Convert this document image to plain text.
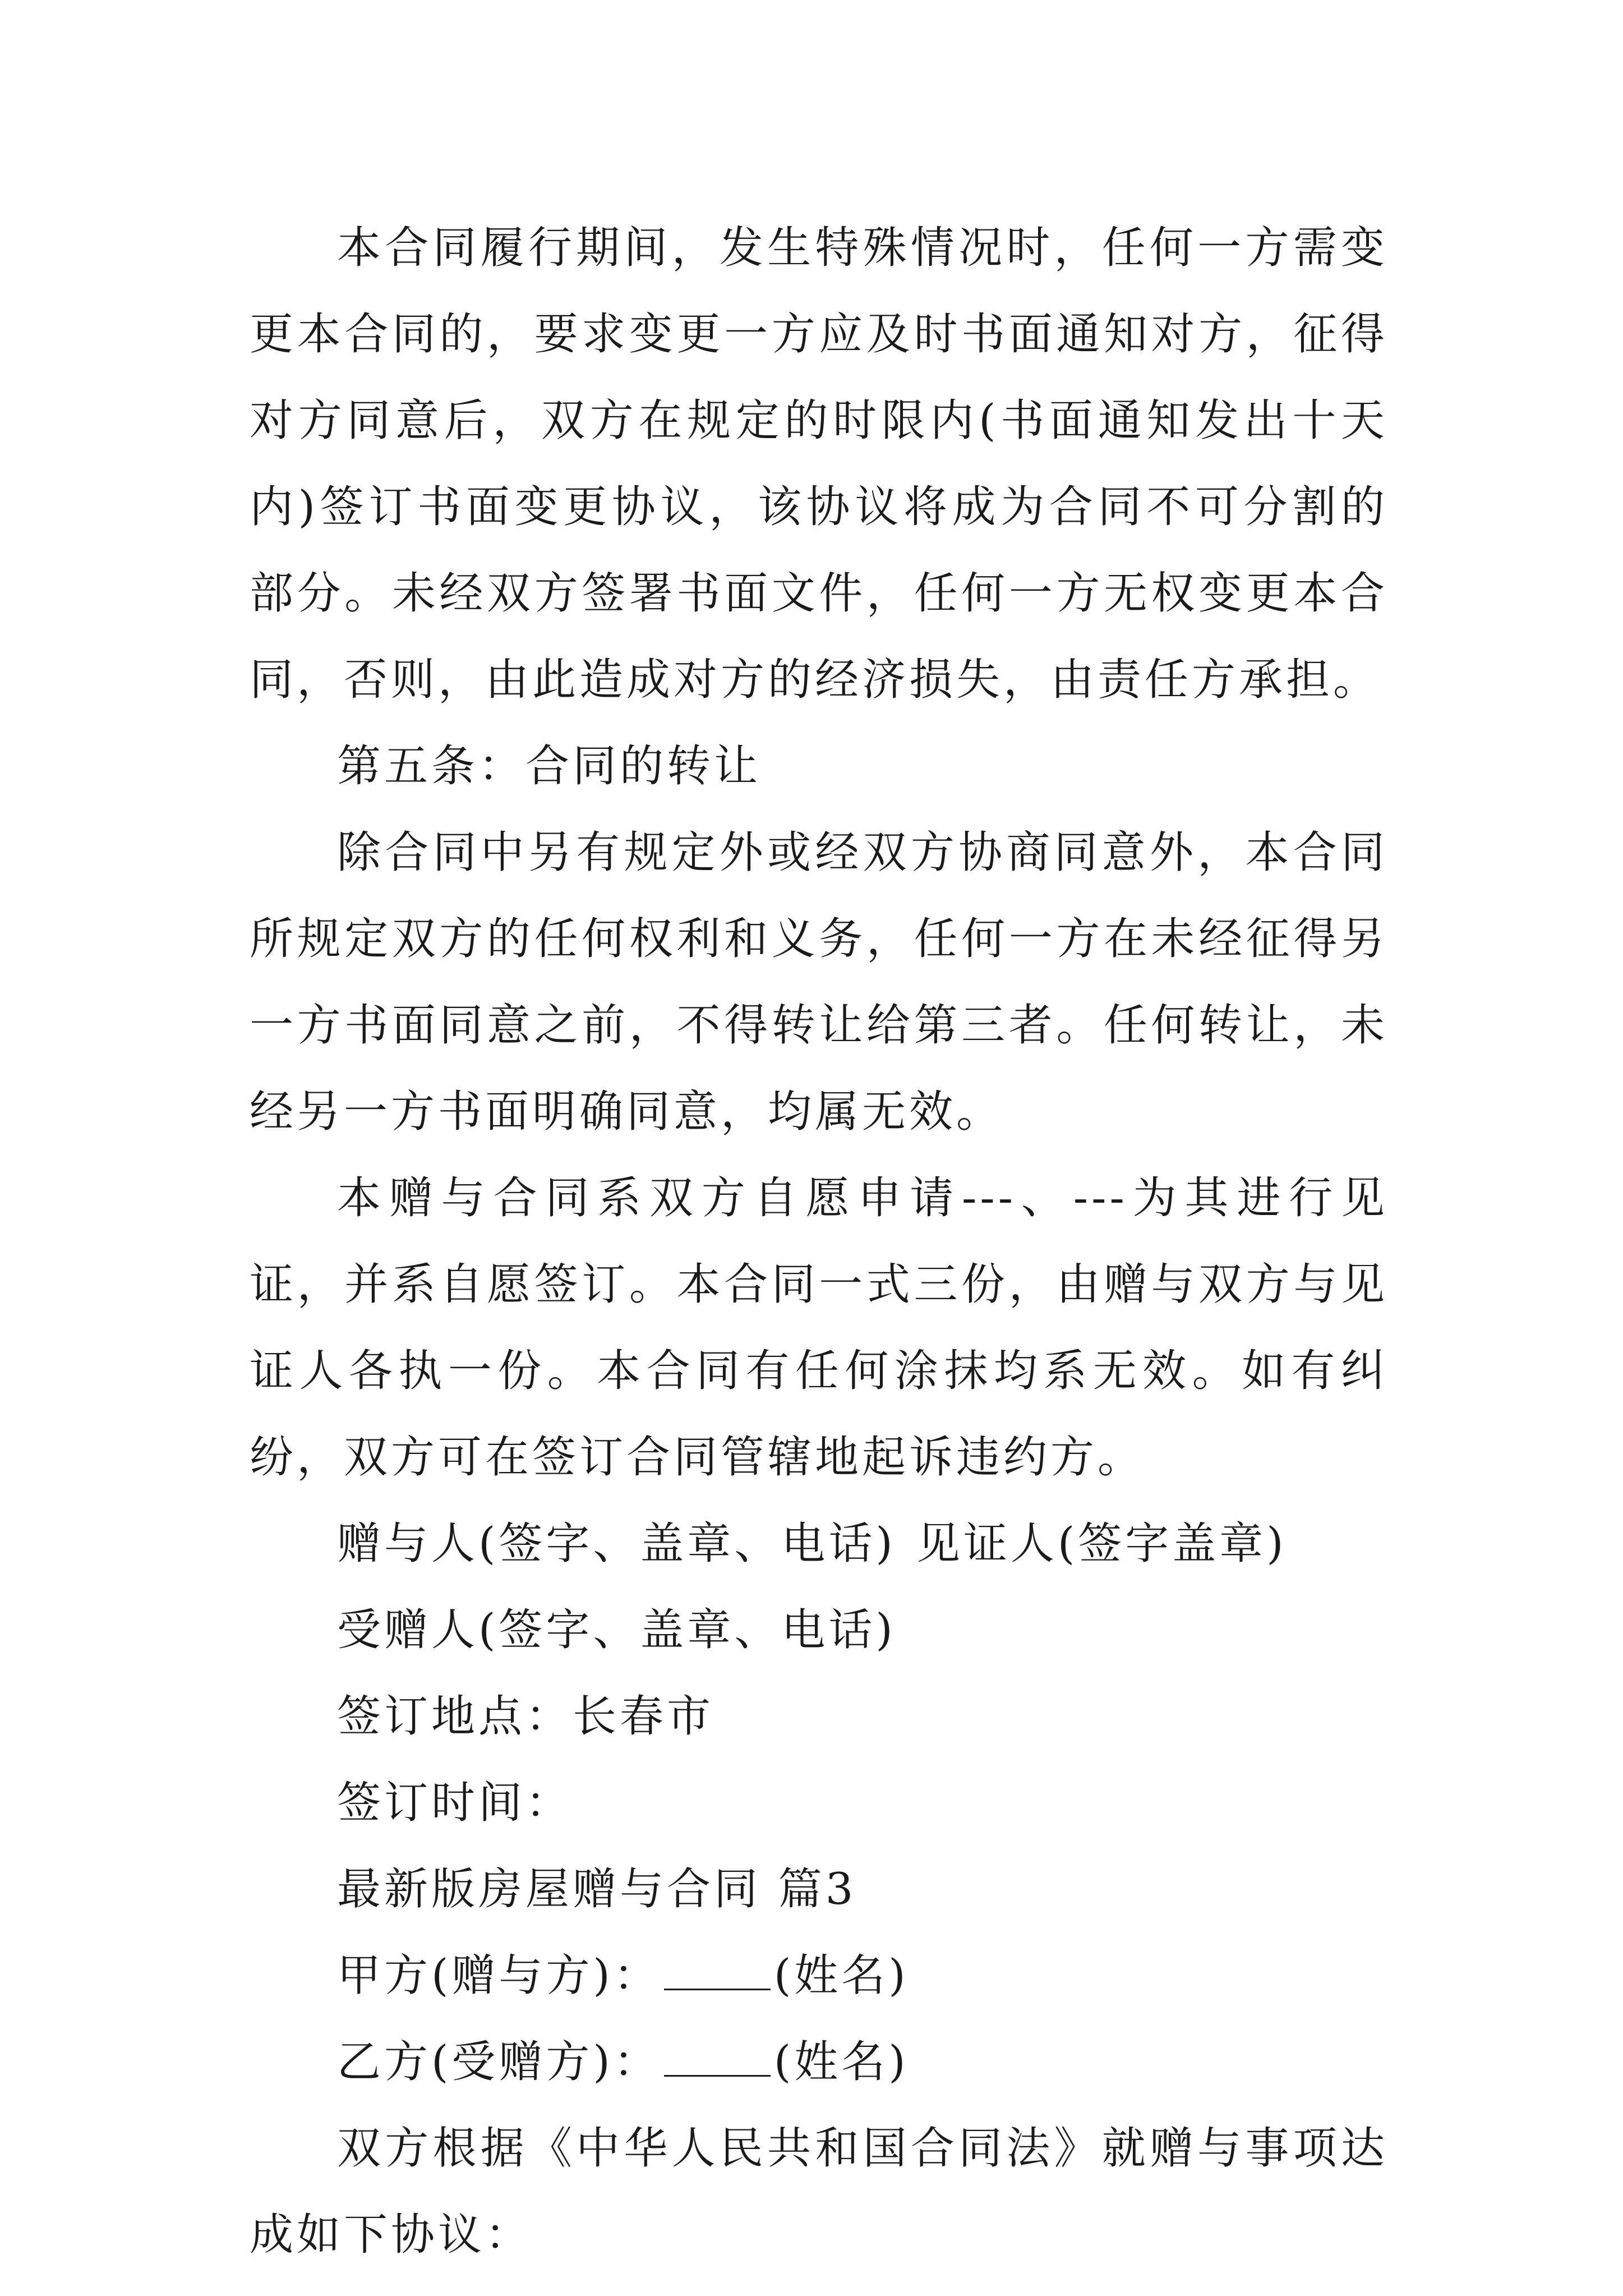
本合同履行期间，发生特殊情况时，任何一方需变更本合同的，要求变更一方应及时书面通知对方，征得对方同意后，双方在规定的时限内(书面通知发出十天内)签订书面变更协议，该协议将成为合同不可分割的部分。未经双方签署书面文件，任何一方无权变更本合同，否则，由此造成对方的经济损失，由责任方承担。

第五条：合同的转让

除合同中另有规定外或经双方协商同意外，本合同所规定双方的任何权利和义务，任何一方在未经征得另一方书面同意之前，不得转让给第三者。任何转让，未经另一方书面明确同意，均属无效。

本赠与合同系双方自愿申请---、---为其进行见证，并系自愿签订。本合同一式三份，由赠与双方与见证人各执一份。本合同有任何涂抹均系无效。如有纠纷，双方可在签订合同管辖地起诉违约方。

赠与人(签字、盖章、电话) 见证人(签字盖章)

受赠人(签字、盖章、电话)

签订地点：长春市

签订时间：

最新版房屋赠与合同 篇3

甲方(赠与方)：	(姓名)

乙方(受赠方)：	(姓名)

双方根据《中华人民共和国合同法》就赠与事项达成如下协议：
